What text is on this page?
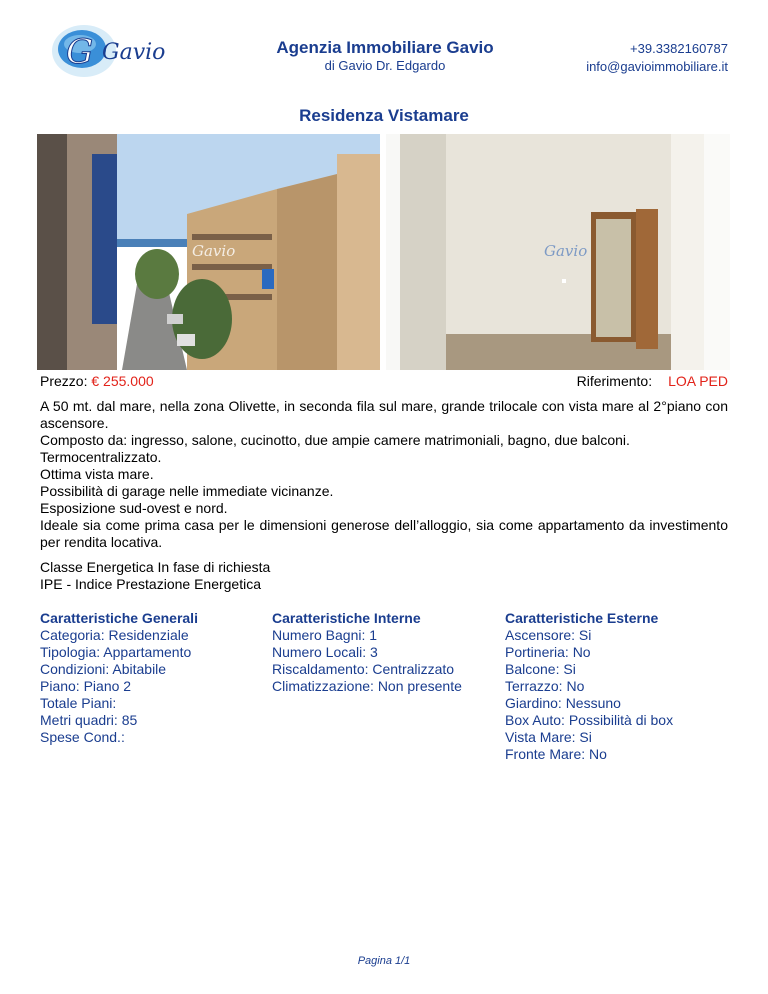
G Gavio	Agenzia Immobiliare Gavio
di Gavio Dr. Edgardo
+39.3382160787
info@gavioimmobiliare.it
Residenza Vistamare
Gavio	Gavio
Prezzo: € 255.000	Riferimento: LOA PED

A 50 mt. dal mare, nella zona Olivette, in seconda fila sul mare, grande trilocale con vista mare al 2°piano con ascensore.

Composto da: ingresso, salone, cucinotto, due ampie camere matrimoniali, bagno, due balconi.

Termocentralizzato.

Ottima vista mare.

Possibilità di garage nelle immediate vicinanze.

Esposizione sud-ovest e nord.

Ideale sia come prima casa per le dimensioni generose dell’alloggio, sia come appartamento da investimento per rendita locativa.

Classe Energetica In fase di richiesta
IPE - Indice Prestazione Energetica
Caratteristiche Generali
Categoria: Residenziale
Tipologia: Appartamento
Condizioni: Abitabile
Piano: Piano 2
Totale Piani:
Metri quadri: 85
Spese Cond.:
Caratteristiche Interne
Numero Bagni: 1
Numero Locali: 3
Riscaldamento: Centralizzato
Climatizzazione: Non presente
Caratteristiche Esterne
Ascensore: Si
Portineria: No
Balcone: Si
Terrazzo: No
Giardino: Nessuno
Box Auto: Possibilità di box
Vista Mare: Si
Fronte Mare: No
Pagina 1/1
